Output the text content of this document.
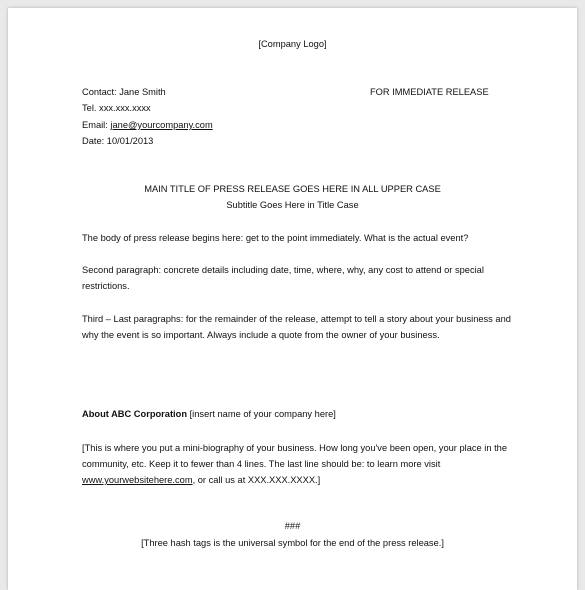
[Company Logo]
Contact: Jane Smith
Tel. xxx.xxx.xxxx
Email: jane@yourcompany.com
Date: 10/01/2013
FOR IMMEDIATE RELEASE
MAIN TITLE OF PRESS RELEASE GOES HERE IN ALL UPPER CASE
Subtitle Goes Here in Title Case
The body of press release begins here: get to the point immediately. What is the actual event?
Second paragraph: concrete details including date, time, where, why, any cost to attend or special restrictions.
Third – Last paragraphs: for the remainder of the release, attempt to tell a story about your business and why the event is so important. Always include a quote from the owner of your business.
About ABC Corporation [insert name of your company here]
[This is where you put a mini-biography of your business. How long you've been open, your place in the community, etc. Keep it to fewer than 4 lines. The last line should be: to learn more visit www.yourwebsitehere.com, or call us at XXX.XXX.XXXX.]
###
[Three hash tags is the universal symbol for the end of the press release.]
